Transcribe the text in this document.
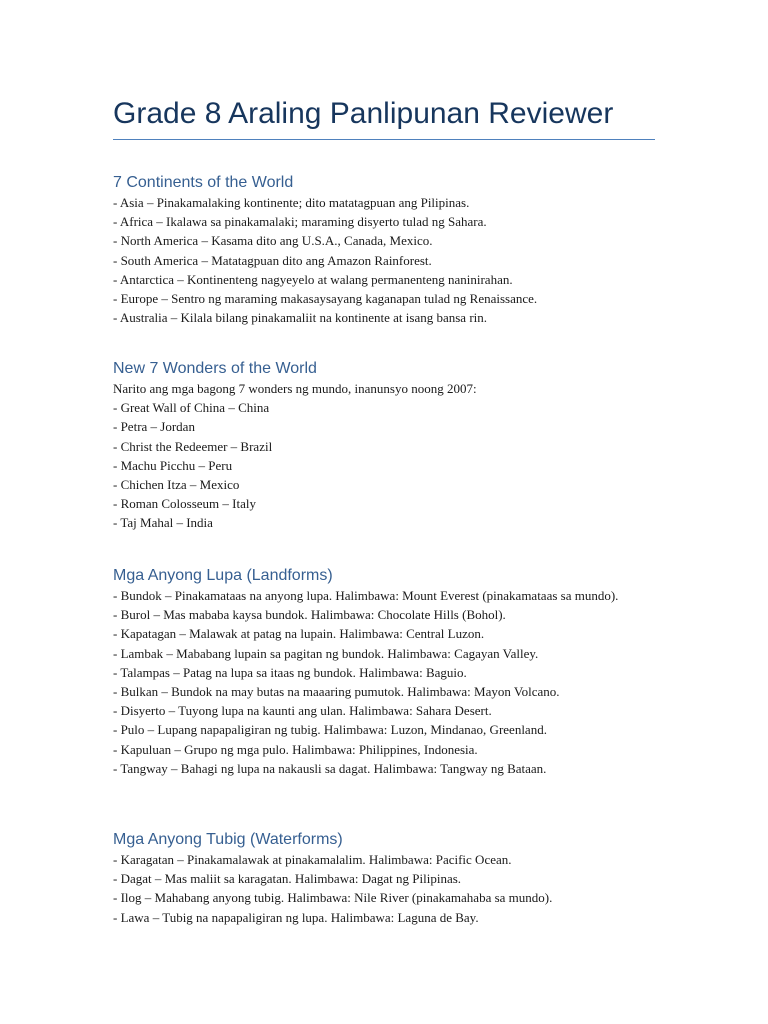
Grade 8 Araling Panlipunan Reviewer
7 Continents of the World
- Asia – Pinakamalaking kontinente; dito matatagpuan ang Pilipinas.
- Africa – Ikalawa sa pinakamalaki; maraming disyerto tulad ng Sahara.
- North America – Kasama dito ang U.S.A., Canada, Mexico.
- South America – Matatagpuan dito ang Amazon Rainforest.
- Antarctica – Kontinenteng nagyeyelo at walang permanenteng naninirahan.
- Europe – Sentro ng maraming makasaysayang kaganapan tulad ng Renaissance.
- Australia – Kilala bilang pinakamaliit na kontinente at isang bansa rin.
New 7 Wonders of the World
Narito ang mga bagong 7 wonders ng mundo, inanunsyo noong 2007:
- Great Wall of China – China
- Petra – Jordan
- Christ the Redeemer – Brazil
- Machu Picchu – Peru
- Chichen Itza – Mexico
- Roman Colosseum – Italy
- Taj Mahal – India
Mga Anyong Lupa (Landforms)
- Bundok – Pinakamataas na anyong lupa. Halimbawa: Mount Everest (pinakamataas sa mundo).
- Burol – Mas mababa kaysa bundok. Halimbawa: Chocolate Hills (Bohol).
- Kapatagan – Malawak at patag na lupain. Halimbawa: Central Luzon.
- Lambak – Mababang lupain sa pagitan ng bundok. Halimbawa: Cagayan Valley.
- Talampas – Patag na lupa sa itaas ng bundok. Halimbawa: Baguio.
- Bulkan – Bundok na may butas na maaaring pumutok. Halimbawa: Mayon Volcano.
- Disyerto – Tuyong lupa na kaunti ang ulan. Halimbawa: Sahara Desert.
- Pulo – Lupang napapaligiran ng tubig. Halimbawa: Luzon, Mindanao, Greenland.
- Kapuluan – Grupo ng mga pulo. Halimbawa: Philippines, Indonesia.
- Tangway – Bahagi ng lupa na nakausli sa dagat. Halimbawa: Tangway ng Bataan.
Mga Anyong Tubig (Waterforms)
- Karagatan – Pinakamalawak at pinakamalalim. Halimbawa: Pacific Ocean.
- Dagat – Mas maliit sa karagatan. Halimbawa: Dagat ng Pilipinas.
- Ilog – Mahabang anyong tubig. Halimbawa: Nile River (pinakamahaba sa mundo).
- Lawa – Tubig na napapaligiran ng lupa. Halimbawa: Laguna de Bay.
